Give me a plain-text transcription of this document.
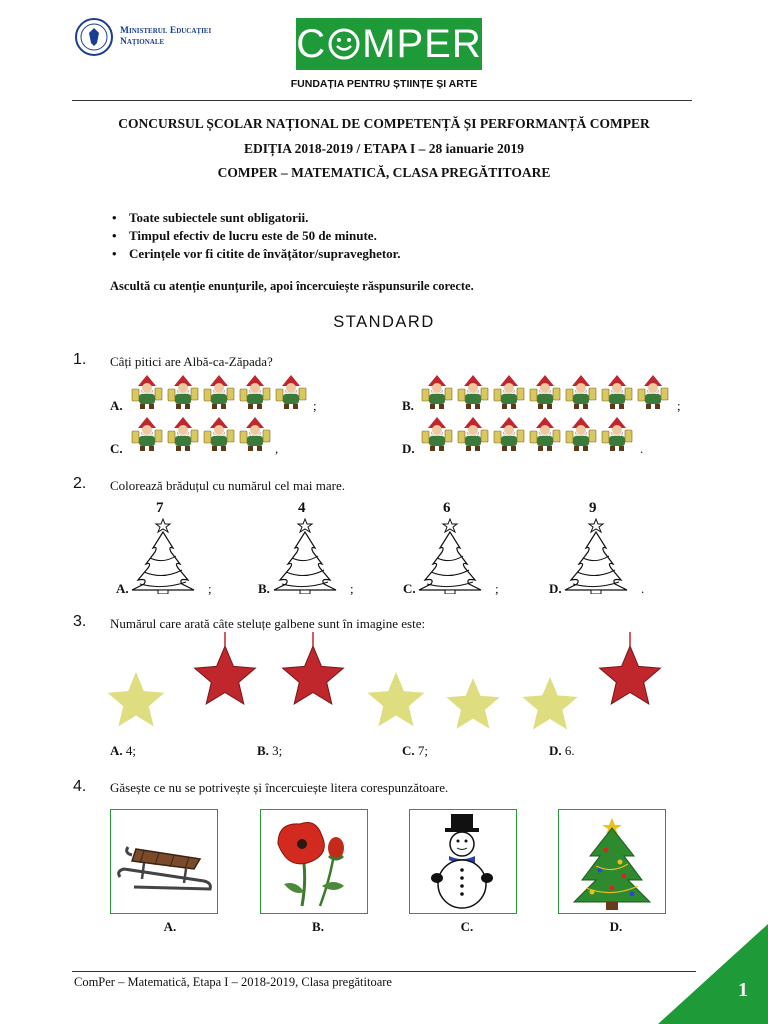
Ministerul Educației
Naționale	C MPER
FUNDAȚIA PENTRU ȘTIINȚE ȘI ARTE
CONCURSUL ȘCOLAR NAȚIONAL DE COMPETENȚĂ ȘI PERFORMANȚĂ COMPER
EDIȚIA 2018-2019 / ETAPA I – 28 ianuarie 2019
COMPER – MATEMATICĂ, CLASA PREGĂTITOARE
• Toate subiectele sunt obligatorii.
• Timpul efectiv de lucru este de 50 de minute.
• Cerințele vor fi citite de învățător/supraveghetor.
Ascultă cu atenție enunțurile, apoi încercuiește răspunsurile corecte.
STANDARD
1. Câți pitici are Albă-ca-Zăpada?
A.	;	B.	;
C.	,	D.	.
2. Colorează brăduțul cu numărul cel mai mare.
7
A.	;
4
B.	;
6
C.	;
9
D.	.
3. Numărul care arată câte steluțe galbene sunt în imagine este:
A. 4;	B. 3;	C. 7;	D. 6.
4. Găsește ce nu se potrivește și încercuiește litera corespunzătoare.
A.	B.	C.	D.
ComPer – Matematică, Etapa I – 2018-2019, Clasa pregătitoare	1
